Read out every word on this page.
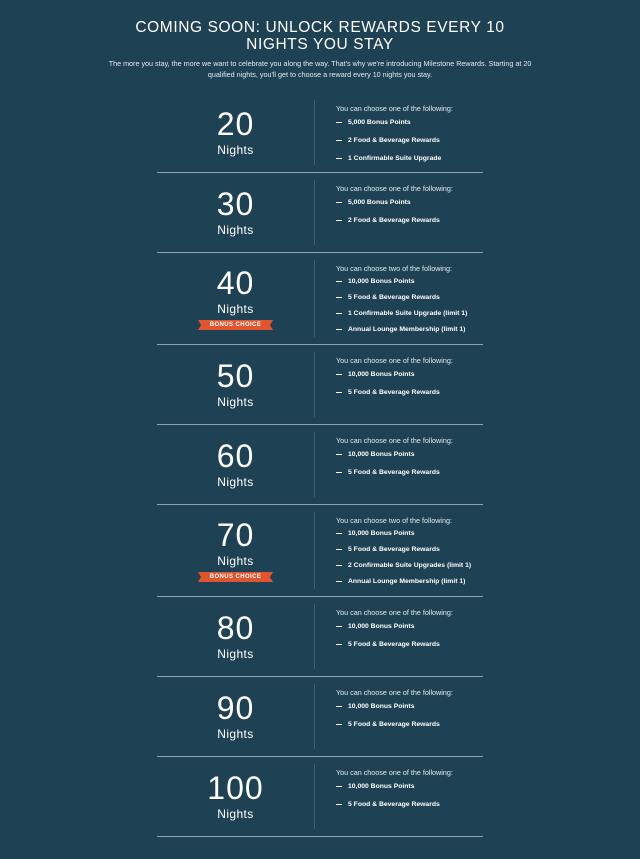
COMING SOON: UNLOCK REWARDS EVERY 10 NIGHTS YOU STAY

The more you stay, the more we want to celebrate you along the way. That's why we're introducing Milestone Rewards. Starting at 20 qualified nights, you'll get to choose a reward every 10 nights you stay.

20
Nights
You can choose one of the following:
5,000 Bonus Points
2 Food & Beverage Rewards
1 Confirmable Suite Upgrade
30
Nights
You can choose one of the following:
5,000 Bonus Points
2 Food & Beverage Rewards
40
Nights
BONUS CHOICE
You can choose two of the following:
10,000 Bonus Points
5 Food & Beverage Rewards
1 Confirmable Suite Upgrade (limit 1)
Annual Lounge Membership (limit 1)
50
Nights
You can choose one of the following:
10,000 Bonus Points
5 Food & Beverage Rewards
60
Nights
You can choose one of the following:
10,000 Bonus Points
5 Food & Beverage Rewards
70
Nights
BONUS CHOICE
You can choose two of the following:
10,000 Bonus Points
5 Food & Beverage Rewards
2 Confirmable Suite Upgrades (limit 1)
Annual Lounge Membership (limit 1)
80
Nights
You can choose one of the following:
10,000 Bonus Points
5 Food & Beverage Rewards
90
Nights
You can choose one of the following:
10,000 Bonus Points
5 Food & Beverage Rewards
100
Nights
You can choose one of the following:
10,000 Bonus Points
5 Food & Beverage Rewards
